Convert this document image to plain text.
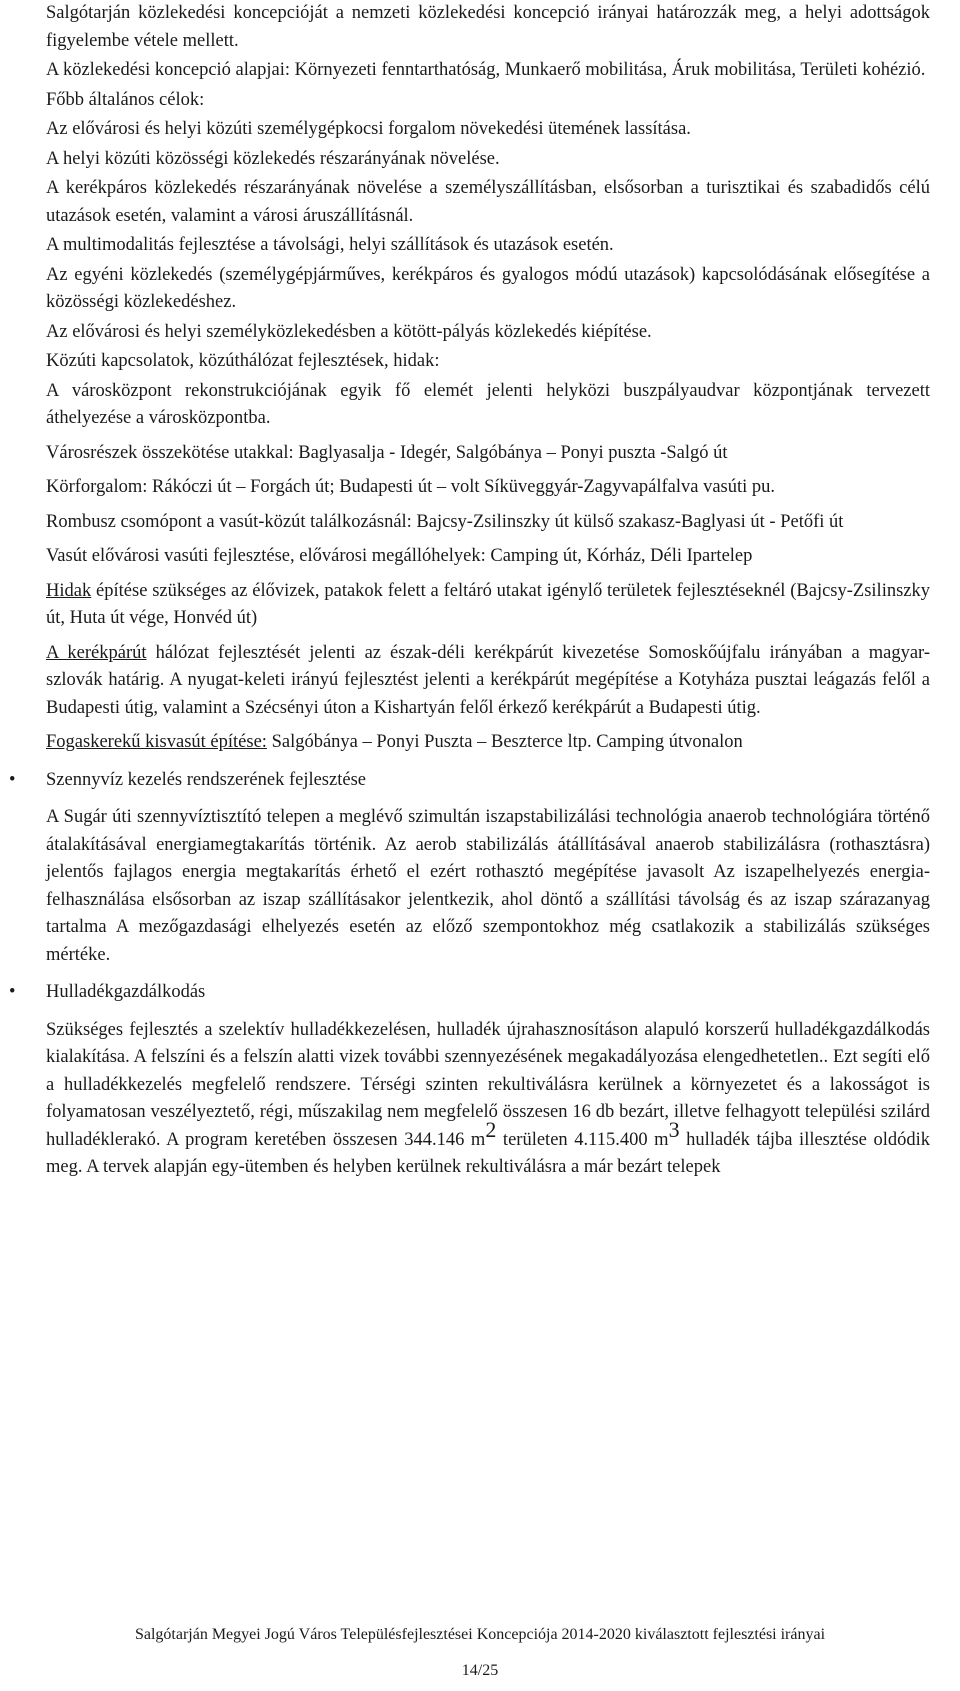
Salgótarján közlekedési koncepcióját a nemzeti közlekedési koncepció irányai határozzák meg, a helyi adottságok figyelembe vétele mellett.

A közlekedési koncepció alapjai: Környezeti fenntarthatóság, Munkaerő mobilitása, Áruk mobilitása, Területi kohézió.

Főbb általános célok:

Az elővárosi és helyi közúti személygépkocsi forgalom növekedési ütemének lassítása.

A helyi közúti közösségi közlekedés részarányának növelése.

A kerékpáros közlekedés részarányának növelése a személyszállításban, elsősorban a turisztikai és szabadidős célú utazások esetén, valamint a városi áruszállításnál.

A multimodalitás fejlesztése a távolsági, helyi szállítások és utazások esetén.

Az egyéni közlekedés (személygépjárműves, kerékpáros és gyalogos módú utazások) kapcsolódásának elősegítése a közösségi közlekedéshez.

Az elővárosi és helyi személyközlekedésben a kötött-pályás közlekedés kiépítése.

Közúti kapcsolatok, közúthálózat fejlesztések, hidak:

A városközpont rekonstrukciójának egyik fő elemét jelenti helyközi buszpályaudvar központjának tervezett áthelyezése a városközpontba.

Városrészek összekötése utakkal: Baglyasalja - Idegér, Salgóbánya – Ponyi puszta -Salgó út

Körforgalom: Rákóczi út – Forgách út; Budapesti út – volt Síküveggyár-Zagyvapálfalva vasúti pu.

Rombusz csomópont a vasút-közút találkozásnál: Bajcsy-Zsilinszky út külső szakasz-Baglyasi út - Petőfi út

Vasút elővárosi vasúti fejlesztése, elővárosi megállóhelyek: Camping út, Kórház, Déli Ipartelep

Hidak építése szükséges az élővizek, patakok felett a feltáró utakat igénylő területek fejlesztéseknél (Bajcsy-Zsilinszky út, Huta út vége, Honvéd út)

A kerékpárút hálózat fejlesztését jelenti az észak-déli kerékpárút kivezetése Somoskőújfalu irányában a magyar-szlovák határig. A nyugat-keleti irányú fejlesztést jelenti a kerékpárút megépítése a Kotyháza pusztai leágazás felől a Budapesti útig, valamint a Szécsényi úton a Kishartyán felől érkező kerékpárút a Budapesti útig.

Fogaskerekű kisvasút építése: Salgóbánya – Ponyi Puszta – Beszterce ltp. Camping útvonalon

• Szennyvíz kezelés rendszerének fejlesztése

A Sugár úti szennyvíztisztító telepen a meglévő szimultán iszapstabilizálási technológia anaerob technológiára történő átalakításával energiamegtakarítás történik. Az aerob stabilizálás átállításával anaerob stabilizálásra (rothasztásra) jelentős fajlagos energia megtakarítás érhető el ezért rothasztó megépítése javasolt Az iszapelhelyezés energia-felhasználása elsősorban az iszap szállításakor jelentkezik, ahol döntő a szállítási távolság és az iszap szárazanyag tartalma A mezőgazdasági elhelyezés esetén az előző szempontokhoz még csatlakozik a stabilizálás szükséges mértéke.

• Hulladékgazdálkodás

Szükséges fejlesztés a szelektív hulladékkezelésen, hulladék újrahasznosításon alapuló korszerű hulladékgazdálkodás kialakítása. A felszíni és a felszín alatti vizek további szennyezésének megakadályozása elengedhetetlen.. Ezt segíti elő a hulladékkezelés megfelelő rendszere. Térségi szinten rekultiválásra kerülnek a környezetet és a lakosságot is folyamatosan veszélyeztető, régi, műszakilag nem megfelelő összesen 16 db bezárt, illetve felhagyott települési szilárd hulladéklerakó. A program keretében összesen 344.146 m2 területen 4.115.400 m3 hulladék tájba illesztése oldódik meg. A tervek alapján egy-ütemben és helyben kerülnek rekultiválásra a már bezárt telepek

Salgótarján Megyei Jogú Város Településfejlesztései Koncepciója 2014-2020 kiválasztott fejlesztési irányai
14/25
